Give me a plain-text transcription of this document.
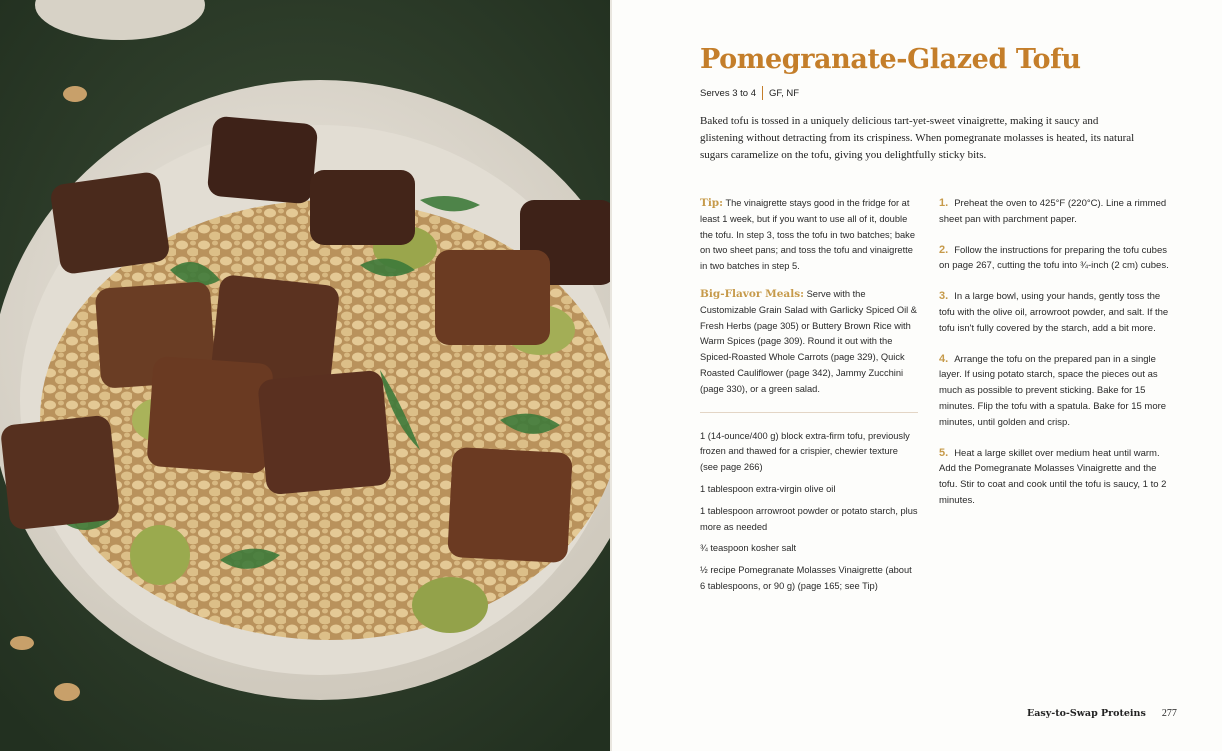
Pomegranate-Glazed Tofu
Serves 3 to 4 GF, NF
Baked tofu is tossed in a uniquely delicious tart-yet-sweet vinaigrette, making it saucy and glistening without detracting from its crispiness. When pomegranate molasses is heated, its natural sugars caramelize on the tofu, giving you delightfully sticky bits.

Tip: The vinaigrette stays good in the fridge for at least 1 week, but if you want to use all of it, double the tofu. In step 3, toss the tofu in two batches; bake on two sheet pans; and toss the tofu and vinaigrette in two batches in step 5.

Big-Flavor Meals: Serve with the Customizable Grain Salad with Garlicky Spiced Oil & Fresh Herbs (page 305) or Buttery Brown Rice with Warm Spices (page 309). Round it out with the Spiced-Roasted Whole Carrots (page 329), Quick Roasted Cauliflower (page 342), Jammy Zucchini (page 330), or a green salad.

1 (14-ounce/400 g) block extra-firm tofu, previously frozen and thawed for a crispier, chewier texture (see page 266)

1 tablespoon extra-virgin olive oil

1 tablespoon arrowroot powder or potato starch, plus more as needed

¾ teaspoon kosher salt

½ recipe Pomegranate Molasses Vinaigrette (about 6 tablespoons, or 90 g) (page 165; see Tip)

1. Preheat the oven to 425°F (220°C). Line a rimmed sheet pan with parchment paper.

2. Follow the instructions for preparing the tofu cubes on page 267, cutting the tofu into ¾-inch (2 cm) cubes.

3. In a large bowl, using your hands, gently toss the tofu with the olive oil, arrowroot powder, and salt. If the tofu isn't fully covered by the starch, add a bit more.

4. Arrange the tofu on the prepared pan in a single layer. If using potato starch, space the pieces out as much as possible to prevent sticking. Bake for 15 minutes. Flip the tofu with a spatula. Bake for 15 more minutes, until golden and crisp.

5. Heat a large skillet over medium heat until warm. Add the Pomegranate Molasses Vinaigrette and the tofu. Stir to coat and cook until the tofu is saucy, 1 to 2 minutes.

Easy-to-Swap Proteins 277
